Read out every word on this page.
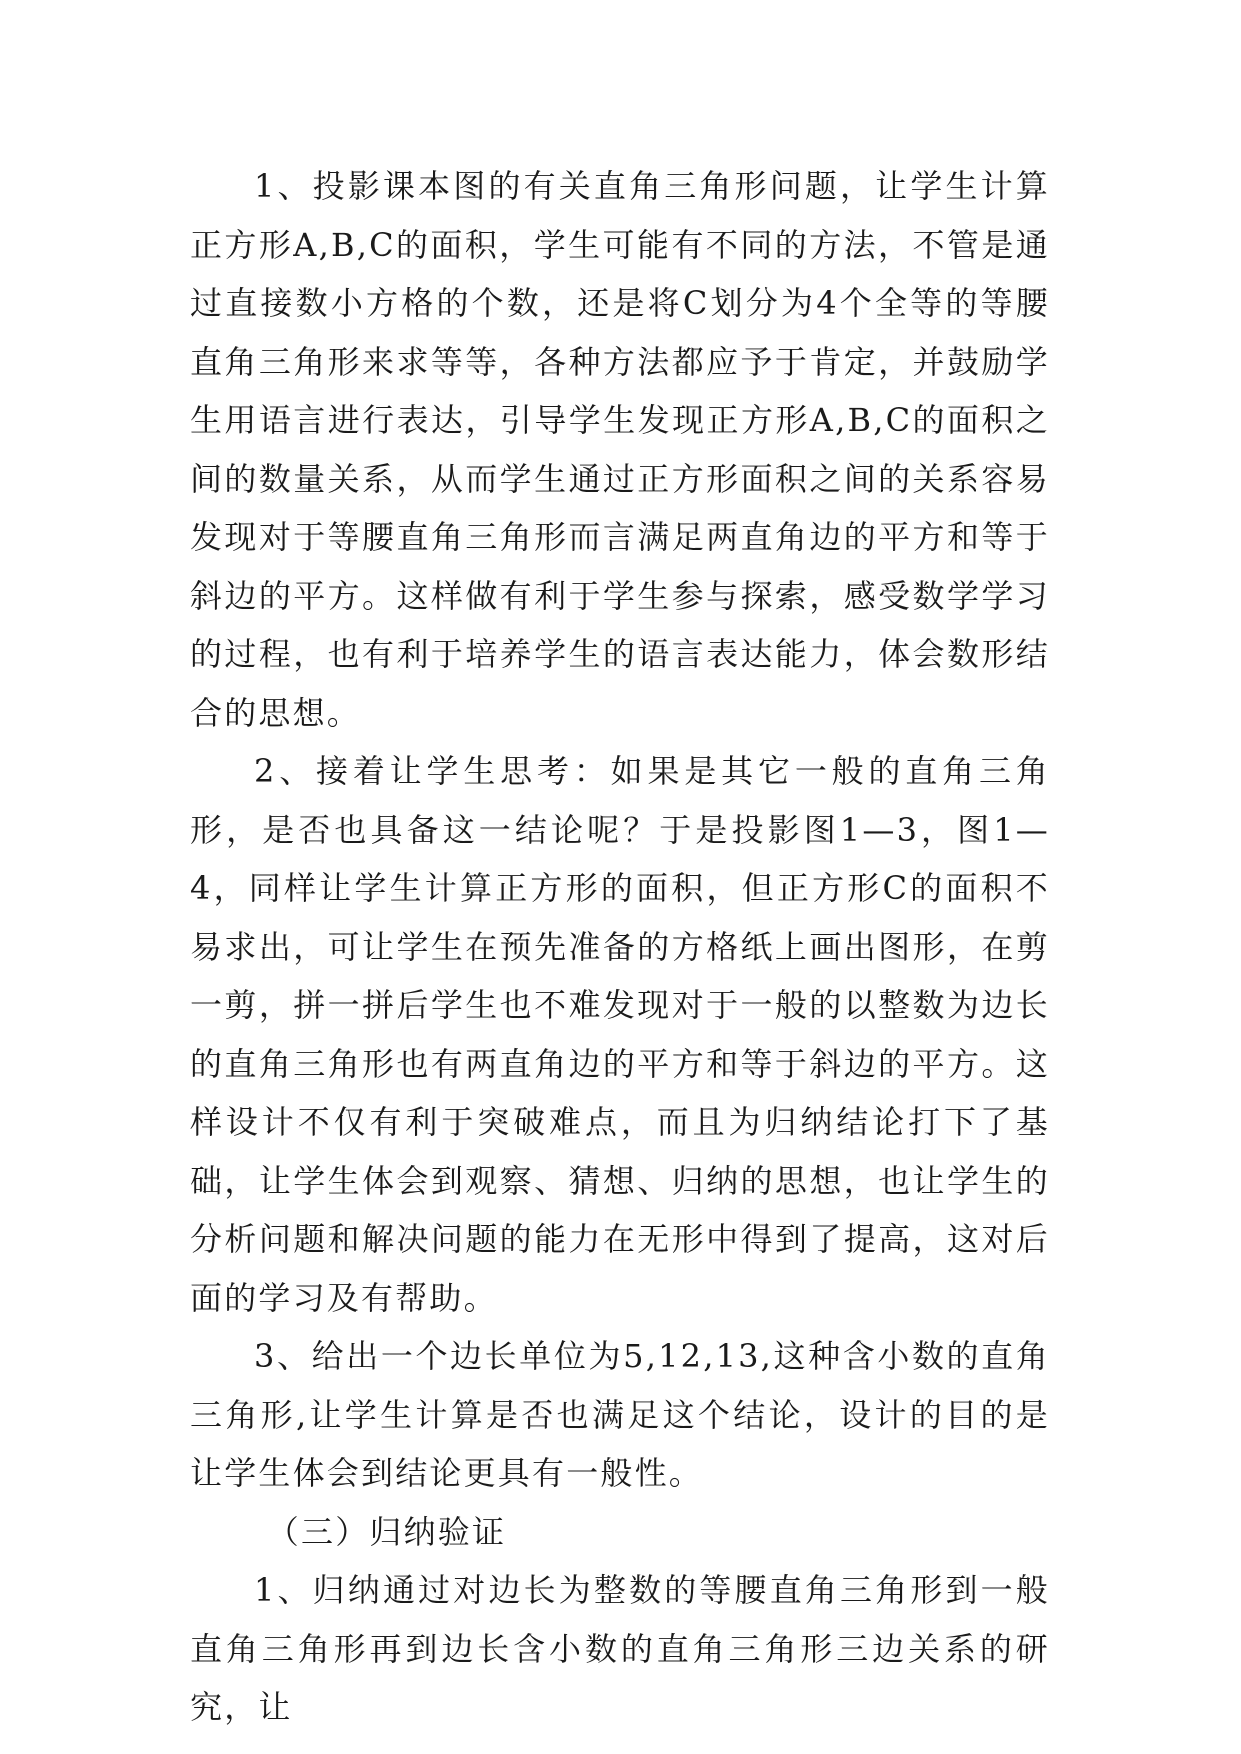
1、投影课本图的有关直角三角形问题，让学生计算正方形A,B,C的面积，学生可能有不同的方法，不管是通过直接数小方格的个数，还是将C划分为4个全等的等腰直角三角形来求等等，各种方法都应予于肯定，并鼓励学生用语言进行表达，引导学生发现正方形A,B,C的面积之间的数量关系，从而学生通过正方形面积之间的关系容易发现对于等腰直角三角形而言满足两直角边的平方和等于斜边的平方。这样做有利于学生参与探索，感受数学学习的过程，也有利于培养学生的语言表达能力，体会数形结合的思想。

2、接着让学生思考：如果是其它一般的直角三角形，是否也具备这一结论呢？于是投影图1—3，图1—4，同样让学生计算正方形的面积，但正方形C的面积不易求出，可让学生在预先准备的方格纸上画出图形，在剪一剪，拼一拼后学生也不难发现对于一般的以整数为边长的直角三角形也有两直角边的平方和等于斜边的平方。这样设计不仅有利于突破难点，而且为归纳结论打下了基础，让学生体会到观察、猜想、归纳的思想，也让学生的分析问题和解决问题的能力在无形中得到了提高，这对后面的学习及有帮助。

3、给出一个边长单位为5,12,13,这种含小数的直角三角形,让学生计算是否也满足这个结论，设计的目的是让学生体会到结论更具有一般性。

（三）归纳验证

1、归纳通过对边长为整数的等腰直角三角形到一般直角三角形再到边长含小数的直角三角形三边关系的研究，让
